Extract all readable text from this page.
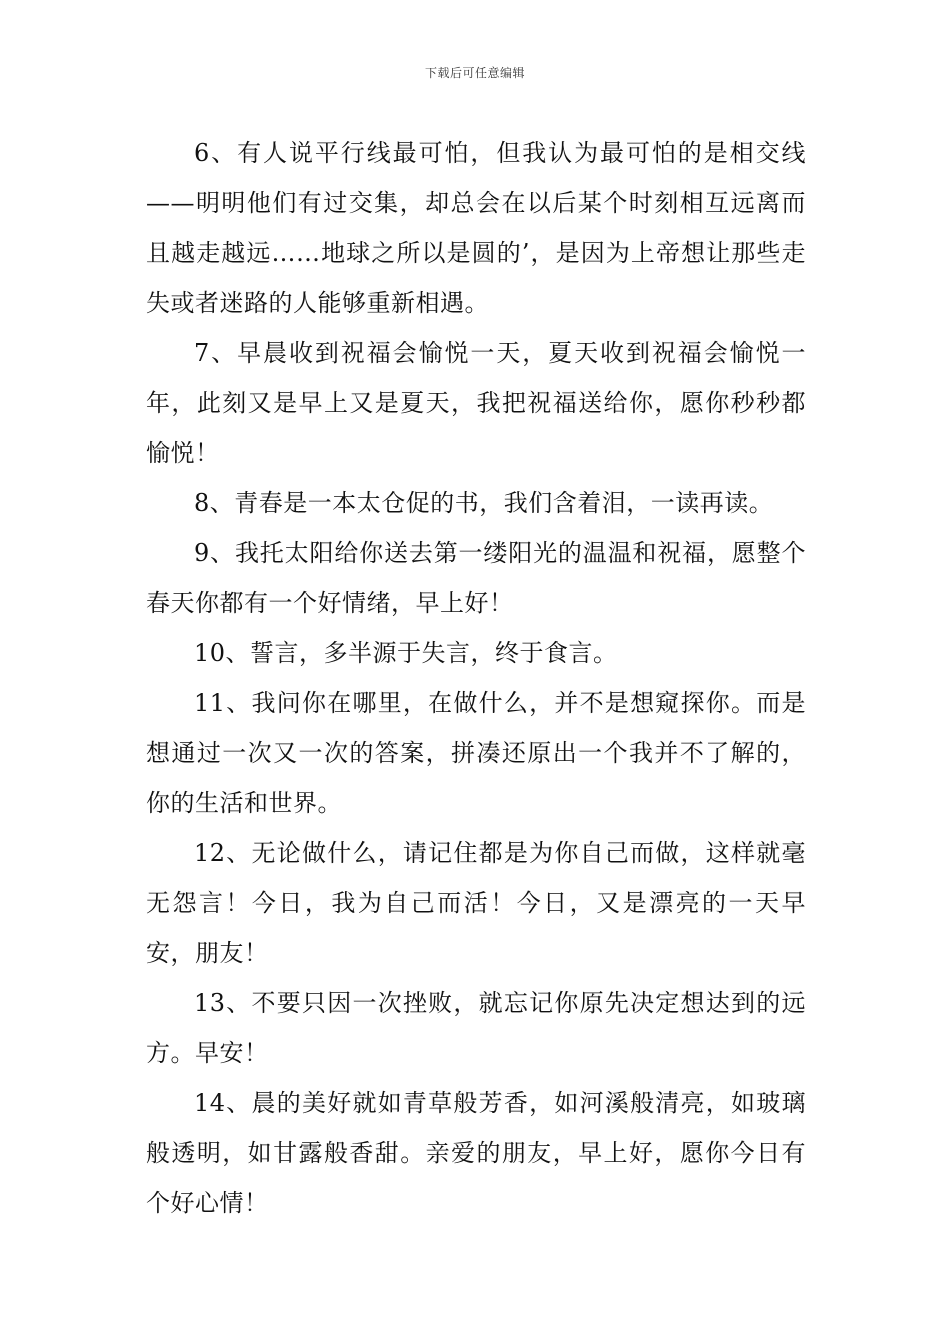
下载后可任意编辑

6、有人说平行线最可怕，但我认为最可怕的是相交线——明明他们有过交集，却总会在以后某个时刻相互远离而且越走越远……地球之所以是圆的’，是因为上帝想让那些走失或者迷路的人能够重新相遇。

7、早晨收到祝福会愉悦一天，夏天收到祝福会愉悦一年，此刻又是早上又是夏天，我把祝福送给你，愿你秒秒都愉悦！

8、青春是一本太仓促的书，我们含着泪，一读再读。

9、我托太阳给你送去第一缕阳光的温温和祝福，愿整个春天你都有一个好情绪，早上好！

10、誓言，多半源于失言，终于食言。

11、我问你在哪里，在做什么，并不是想窥探你。而是想通过一次又一次的答案，拼凑还原出一个我并不了解的，你的生活和世界。

12、无论做什么，请记住都是为你自己而做，这样就毫无怨言！今日，我为自己而活！今日，又是漂亮的一天早安，朋友！

13、不要只因一次挫败，就忘记你原先决定想达到的远方。早安！

14、晨的美好就如青草般芳香，如河溪般清亮，如玻璃般透明，如甘露般香甜。亲爱的朋友，早上好，愿你今日有个好心情！
